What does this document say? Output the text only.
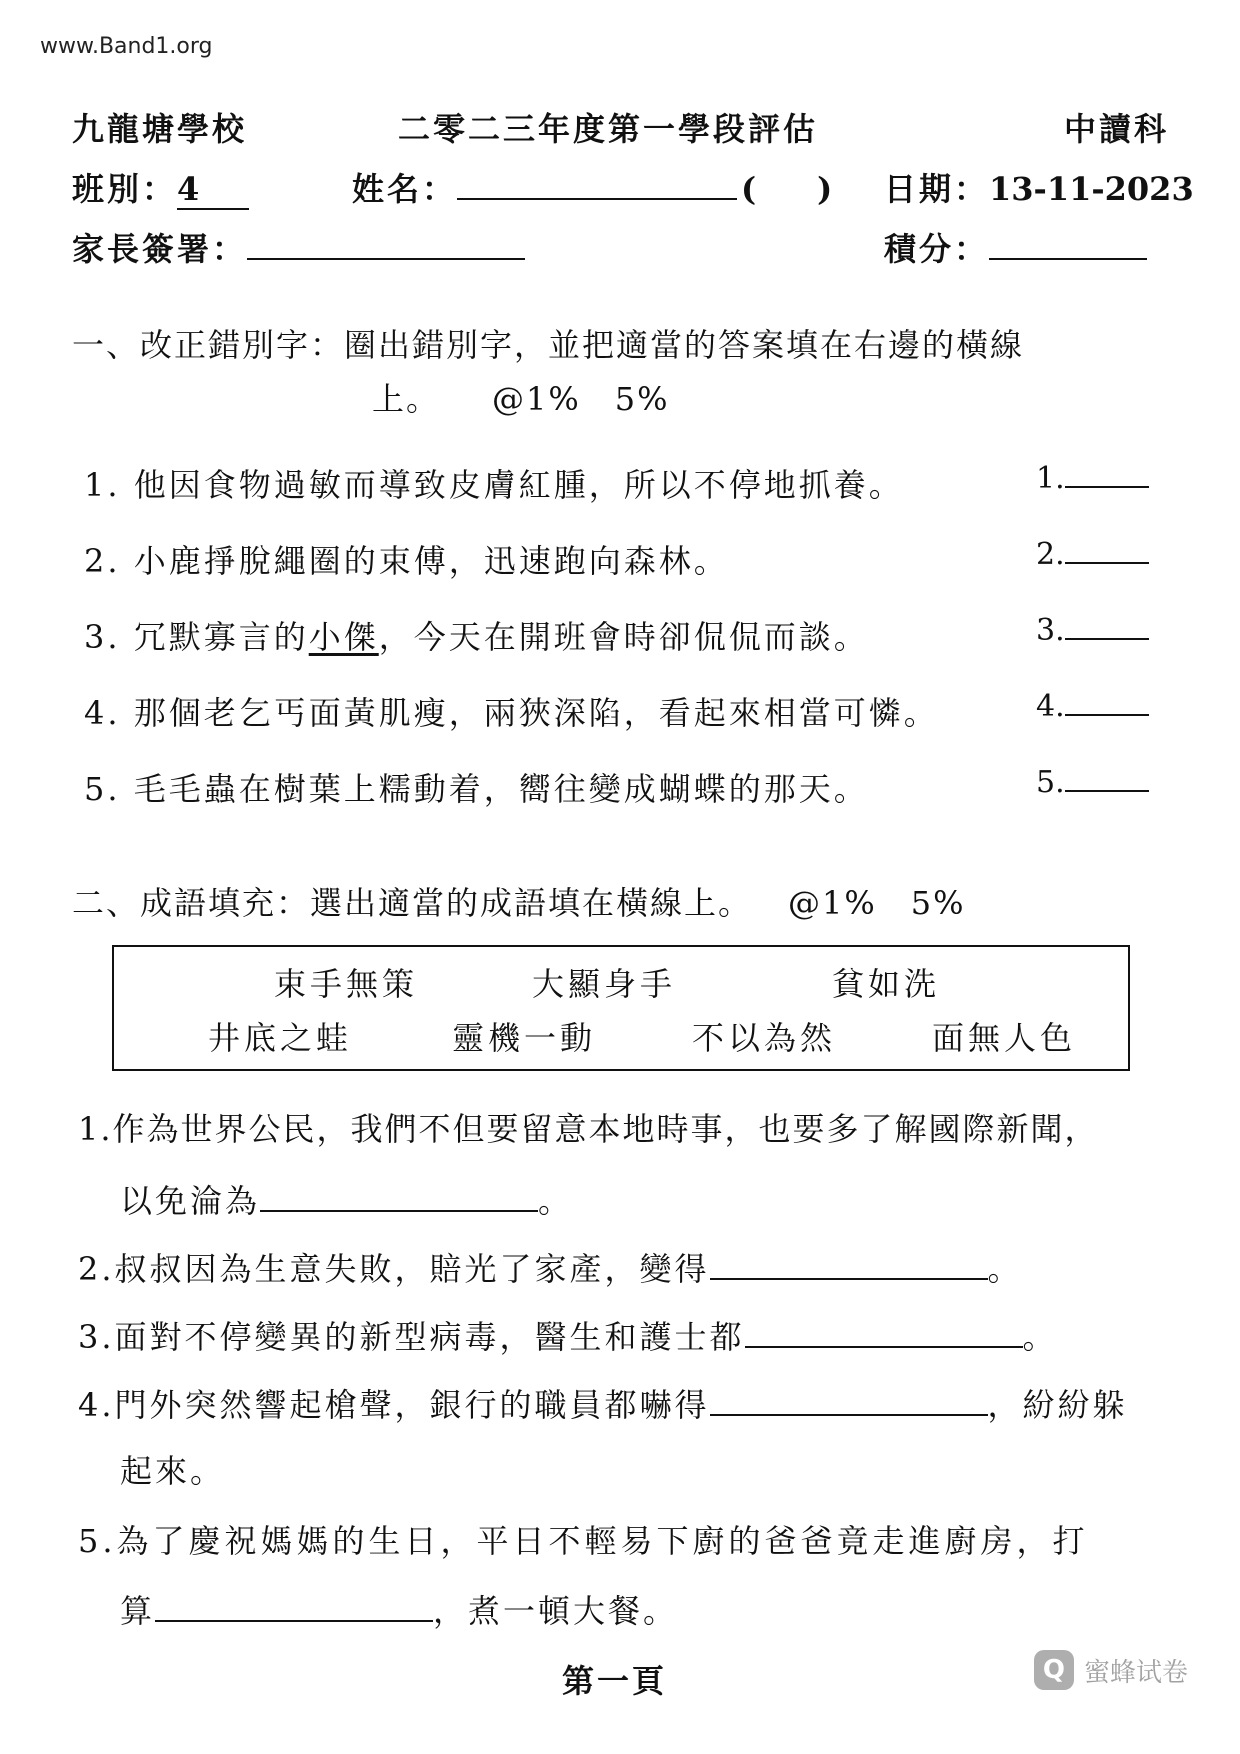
www.Band1.org
九龍塘學校	二零二三年度第一學段評估	中讀科
班別：4	姓名：	( ) 日期：13-11-2023
家長簽署：	積分：
一、改正錯別字：圈出錯別字，並把適當的答案填在右邊的橫線
上。 @1%　5%
1. 他因食物過敏而導致皮膚紅腫，所以不停地抓養。	1.
2. 小鹿掙脫繩圈的束傅，迅速跑向森林。	2.
3. 冗默寡言的小傑，今天在開班會時卻侃侃而談。	3.
4. 那個老乞丐面黃肌瘦，兩狹深陷，看起來相當可憐。	4.
5. 毛毛蟲在樹葉上糯動着，嚮往變成蝴蝶的那天。	5.
二、成語填充：選出適當的成語填在橫線上。 @1%　5%
束手無策	大顯身手	貧如洗
井底之蛙	靈機一動	不以為然	面無人色
1.作為世界公民，我們不但要留意本地時事，也要多了解國際新聞，
以免淪為	。
2.叔叔因為生意失敗，賠光了家產，變得	。
3.面對不停變異的新型病毒，醫生和護士都	。
4.門外突然響起槍聲，銀行的職員都嚇得	，紛紛躲
起來。
5.為了慶祝媽媽的生日，平日不輕易下廚的爸爸竟走進廚房，打
算	，煮一頓大餐。
第一頁	Q 蜜蜂试卷
